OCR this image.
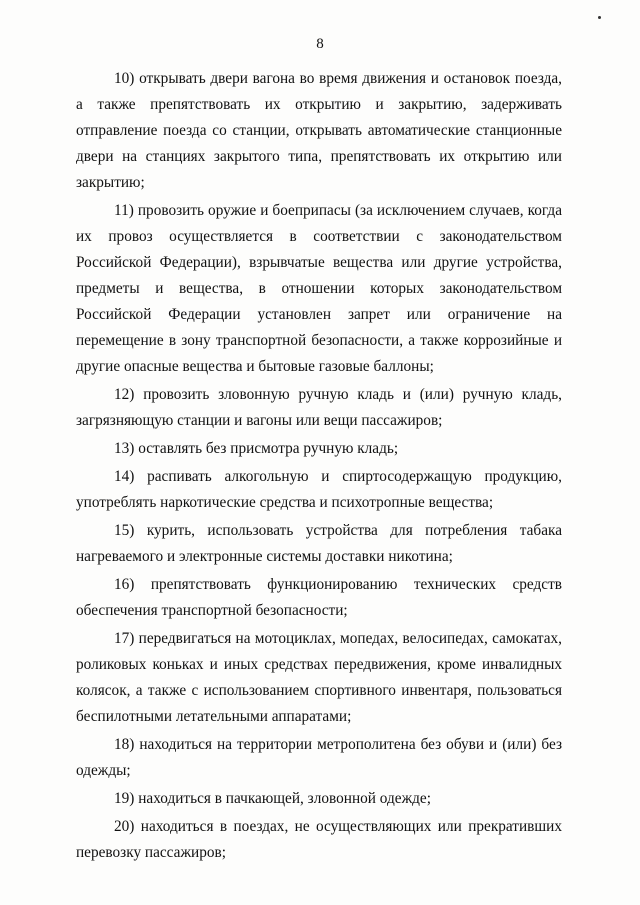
8

10) открывать двери вагона во время движения и остановок поезда, а также препятствовать их открытию и закрытию, задерживать отправление поезда со станции, открывать автоматические станционные двери на станциях закрытого типа, препятствовать их открытию или закрытию;

11) провозить оружие и боеприпасы (за исключением случаев, когда их провоз осуществляется в соответствии с законодательством Российской Федерации), взрывчатые вещества или другие устройства, предметы и вещества, в отношении которых законодательством Российской Федерации установлен запрет или ограничение на перемещение в зону транспортной безопасности, а также коррозийные и другие опасные вещества и бытовые газовые баллоны;

12) провозить зловонную ручную кладь и (или) ручную кладь, загрязняющую станции и вагоны или вещи пассажиров;

13) оставлять без присмотра ручную кладь;

14) распивать алкогольную и спиртосодержащую продукцию, употреблять наркотические средства и психотропные вещества;

15) курить, использовать устройства для потребления табака нагреваемого и электронные системы доставки никотина;

16) препятствовать функционированию технических средств обеспечения транспортной безопасности;

17) передвигаться на мотоциклах, мопедах, велосипедах, самокатах, роликовых коньках и иных средствах передвижения, кроме инвалидных колясок, а также с использованием спортивного инвентаря, пользоваться беспилотными летательными аппаратами;

18) находиться на территории метрополитена без обуви и (или) без одежды;

19) находиться в пачкающей, зловонной одежде;

20) находиться в поездах, не осуществляющих или прекративших перевозку пассажиров;
